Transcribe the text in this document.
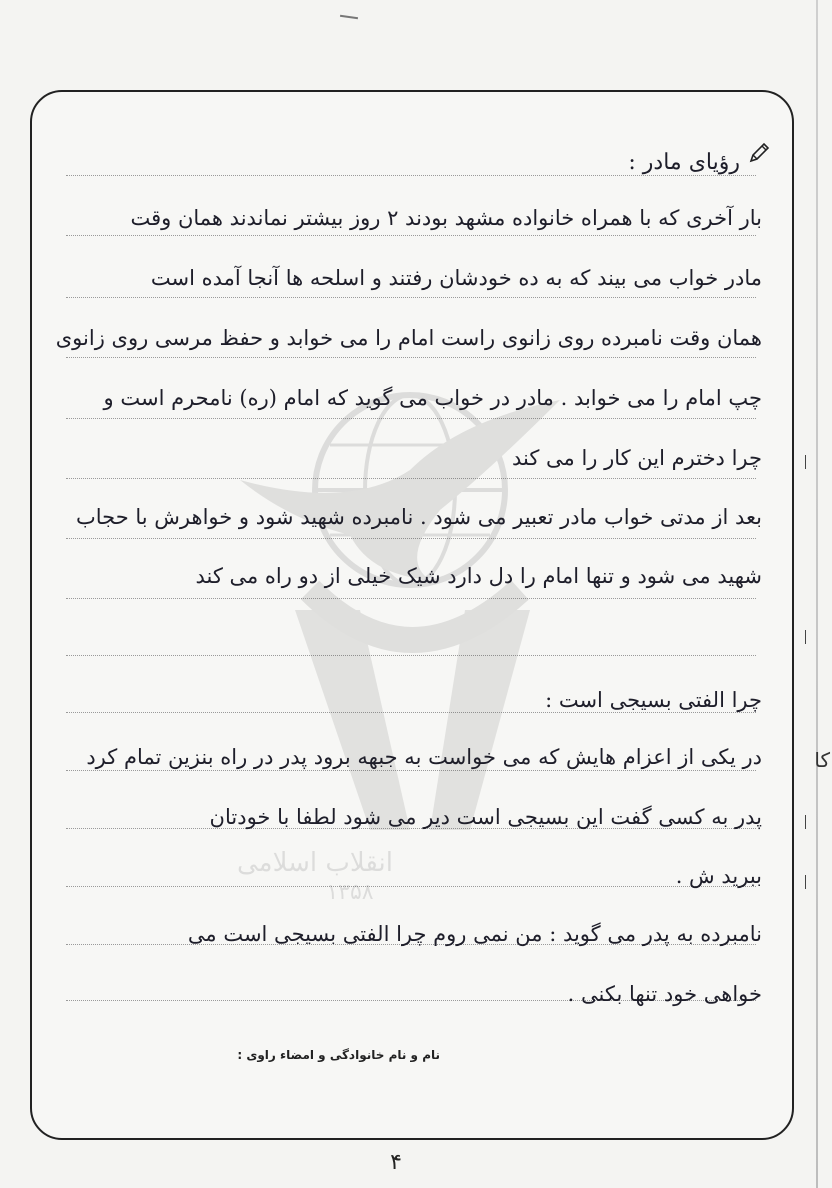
کا
انقلاب اسلامی
۱۳۵۸
رؤیای مادر :
بار آخری که با همراه خانواده مشهد بودند ۲ روز بیشتر نماندند همان وقت
مادر خواب می بیند که به ده خودشان رفتند و اسلحه ها آنجا آمده است
همان وقت نامبرده روی زانوی راست امام را می خوابد و حفظ مرسی روی زانوی
چپ امام را می خوابد . مادر در خواب می گوید که امام (ره) نامحرم است و
چرا دخترم این کار را می کند
بعد از مدتی خواب مادر تعبیر می شود . نامبرده شهید شود و خواهرش با حجاب
شهید می شود و تنها امام را دل دارد شیک خیلی از دو راه می کند
چرا الفتی بسیجی است :
در یکی از اعزام هایش که می خواست به جبهه برود پدر در راه بنزین تمام کرد
پدر به کسی گفت این بسیجی است دیر می شود لطفا با خودتان
ببرید ش .
نامبرده به پدر می گوید : من نمی روم چرا الفتی بسیجی است می
خواهی خود تنها بکنی .
نام و نام خانوادگی و امضاء راوی :
۴
